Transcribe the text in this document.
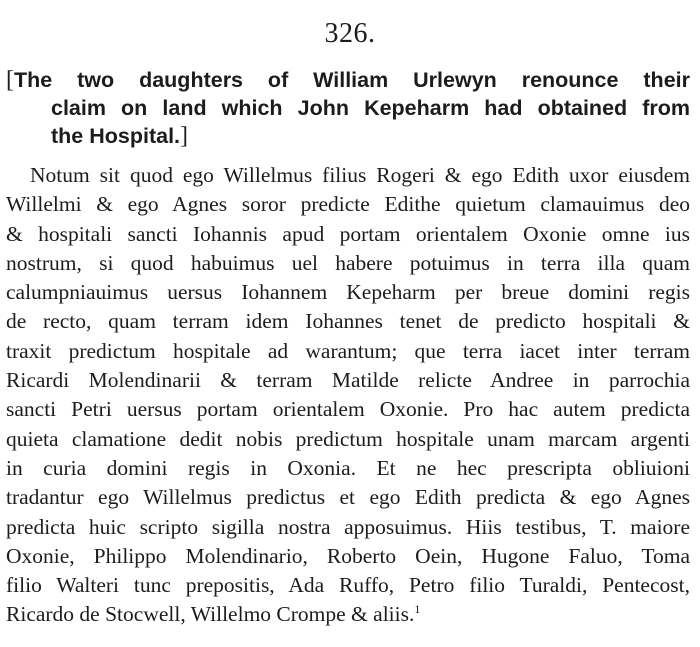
326.
[The two daughters of William Urlewyn renounce their
claim on land which John Kepeharm had obtained from
the Hospital.]
Notum sit quod ego Willelmus filius Rogeri & ego Edith uxor eiusdem
Willelmi & ego Agnes soror predicte Edithe quietum clamauimus deo
& hospitali sancti Iohannis apud portam orientalem Oxonie omne ius
nostrum, si quod habuimus uel habere potuimus in terra illa quam
calumpniauimus uersus Iohannem Kepeharm per breue domini regis
de recto, quam terram idem Iohannes tenet de predicto hospitali &
traxit predictum hospitale ad warantum; que terra iacet inter terram
Ricardi Molendinarii & terram Matilde relicte Andree in parrochia
sancti Petri uersus portam orientalem Oxonie. Pro hac autem predicta
quieta clamatione dedit nobis predictum hospitale unam marcam argenti
in curia domini regis in Oxonia. Et ne hec prescripta obliuioni
tradantur ego Willelmus predictus et ego Edith predicta & ego Agnes
predicta huic scripto sigilla nostra apposuimus. Hiis testibus, T. maiore
Oxonie, Philippo Molendinario, Roberto Oein, Hugone Faluo, Toma
filio Walteri tunc prepositis, Ada Ruffo, Petro filio Turaldi, Pentecost,
Ricardo de Stocwell, Willelmo Crompe & aliis.$^1$
